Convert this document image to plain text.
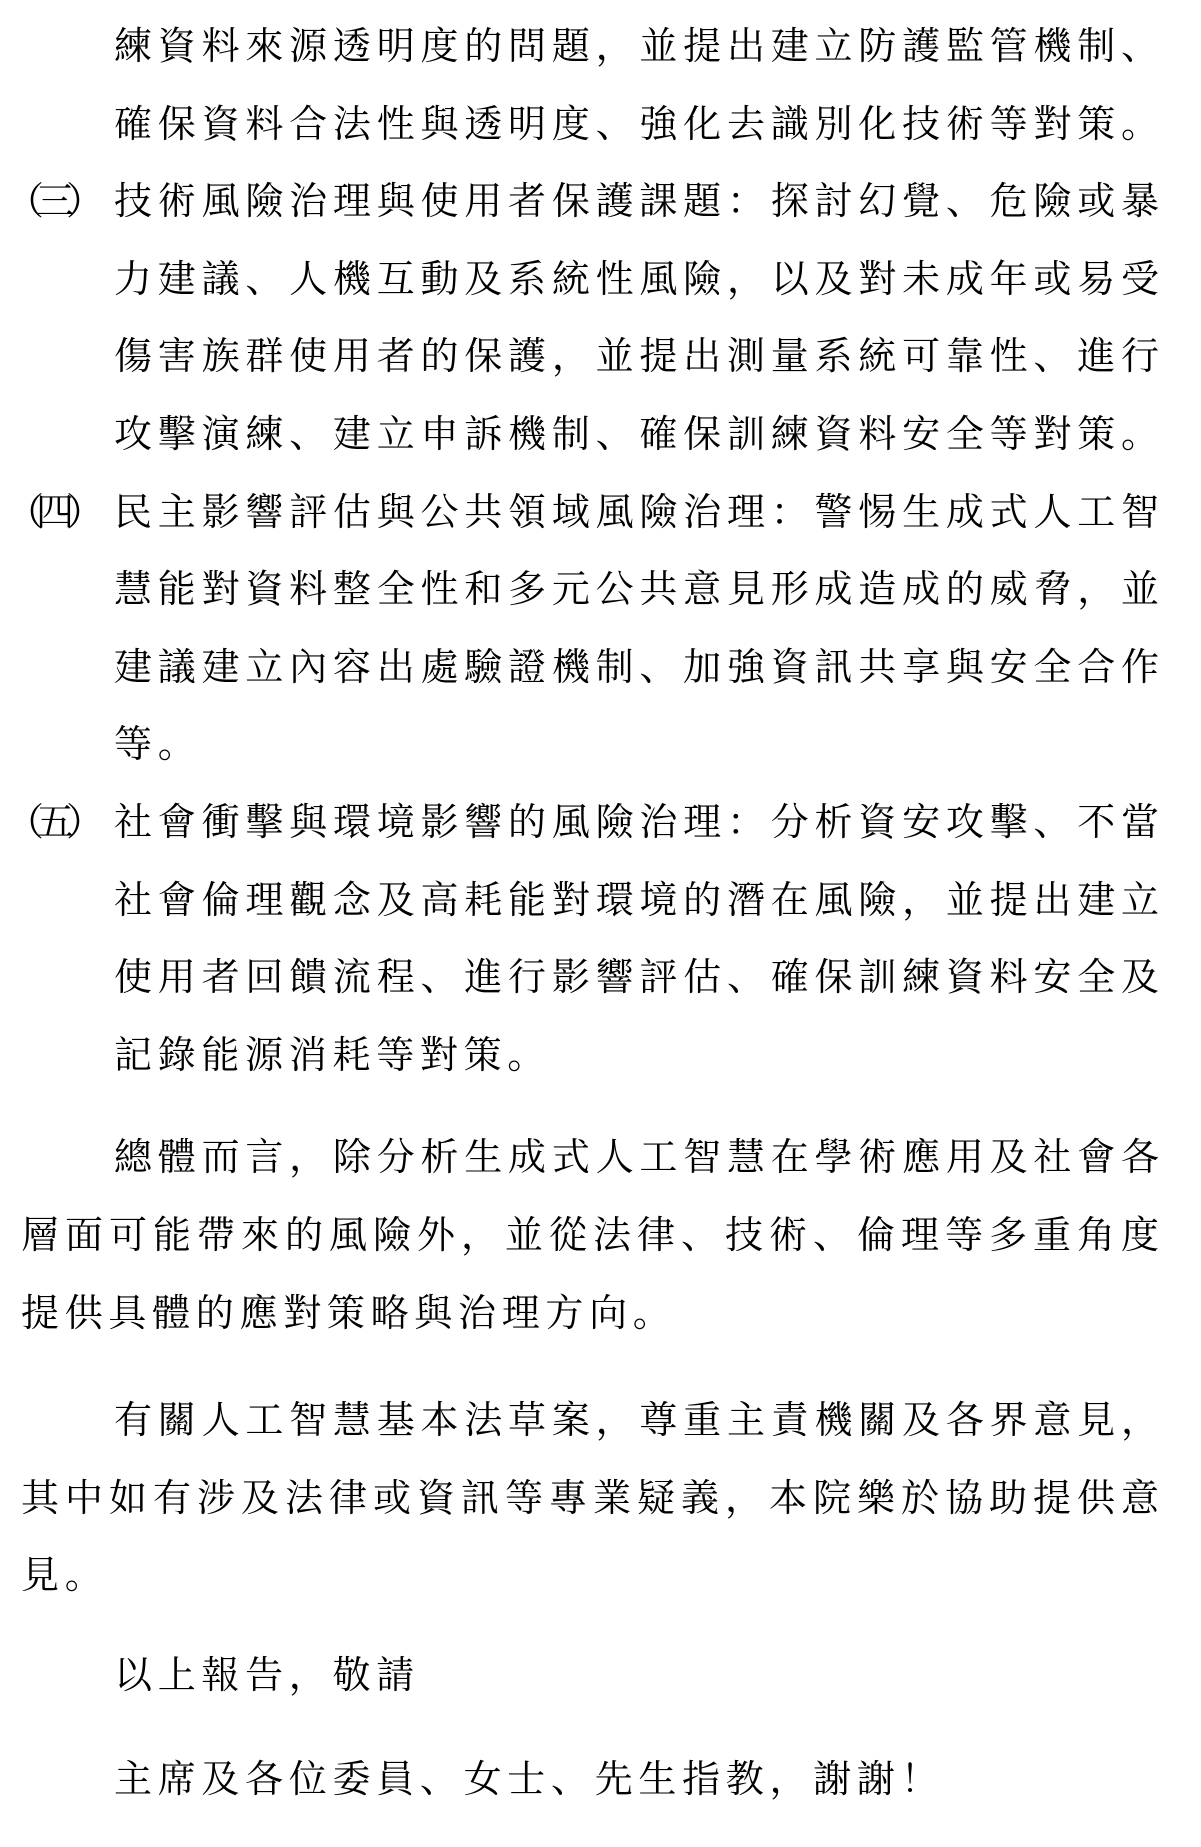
練資料來源透明度的問題，並提出建立防護監管機制、
確保資料合法性與透明度、強化去識別化技術等對策。
（三） 技術風險治理與使用者保護課題：探討幻覺、危險或暴
力建議、人機互動及系統性風險，以及對未成年或易受
傷害族群使用者的保護，並提出測量系統可靠性、進行
攻擊演練、建立申訴機制、確保訓練資料安全等對策。
（四） 民主影響評估與公共領域風險治理：警惕生成式人工智
慧能對資料整全性和多元公共意見形成造成的威脅，並
建議建立內容出處驗證機制、加強資訊共享與安全合作
等。
（五） 社會衝擊與環境影響的風險治理：分析資安攻擊、不當
社會倫理觀念及高耗能對環境的潛在風險，並提出建立
使用者回饋流程、進行影響評估、確保訓練資料安全及
記錄能源消耗等對策。
總體而言，除分析生成式人工智慧在學術應用及社會各
層面可能帶來的風險外，並從法律、技術、倫理等多重角度
提供具體的應對策略與治理方向。
有關人工智慧基本法草案，尊重主責機關及各界意見，
其中如有涉及法律或資訊等專業疑義，本院樂於協助提供意
見。
以上報告，敬請
主席及各位委員、女士、先生指教，謝謝！
